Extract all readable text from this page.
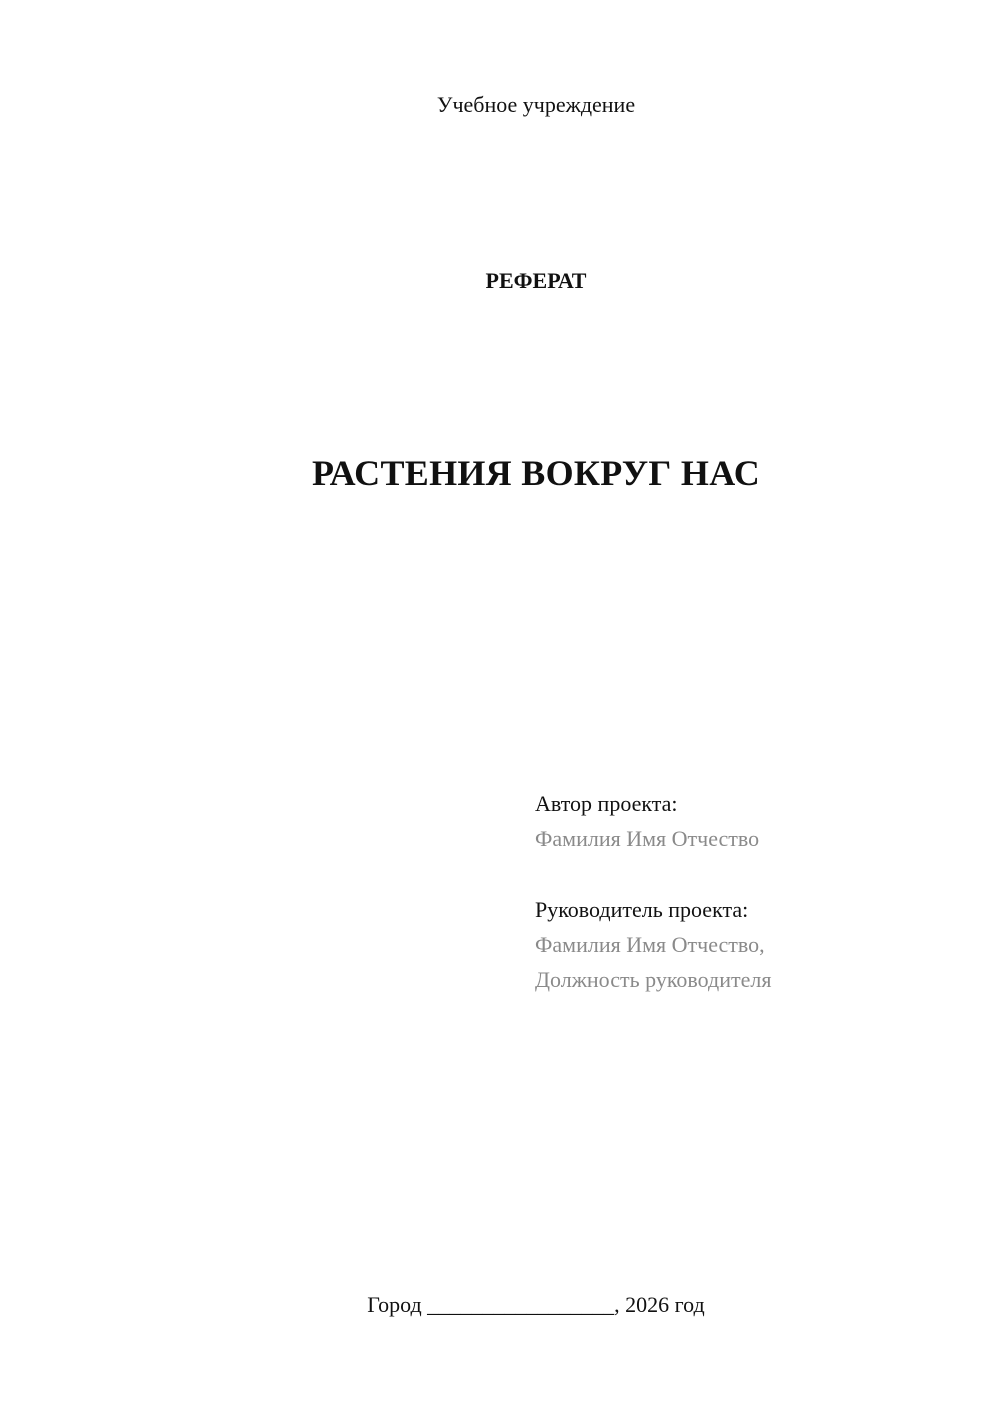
Учебное учреждение
РЕФЕРАТ
РАСТЕНИЯ ВОКРУГ НАС
Автор проекта:
Фамилия Имя Отчество
Руководитель проекта:
Фамилия Имя Отчество,
Должность руководителя
Город _________________, 2026 год
